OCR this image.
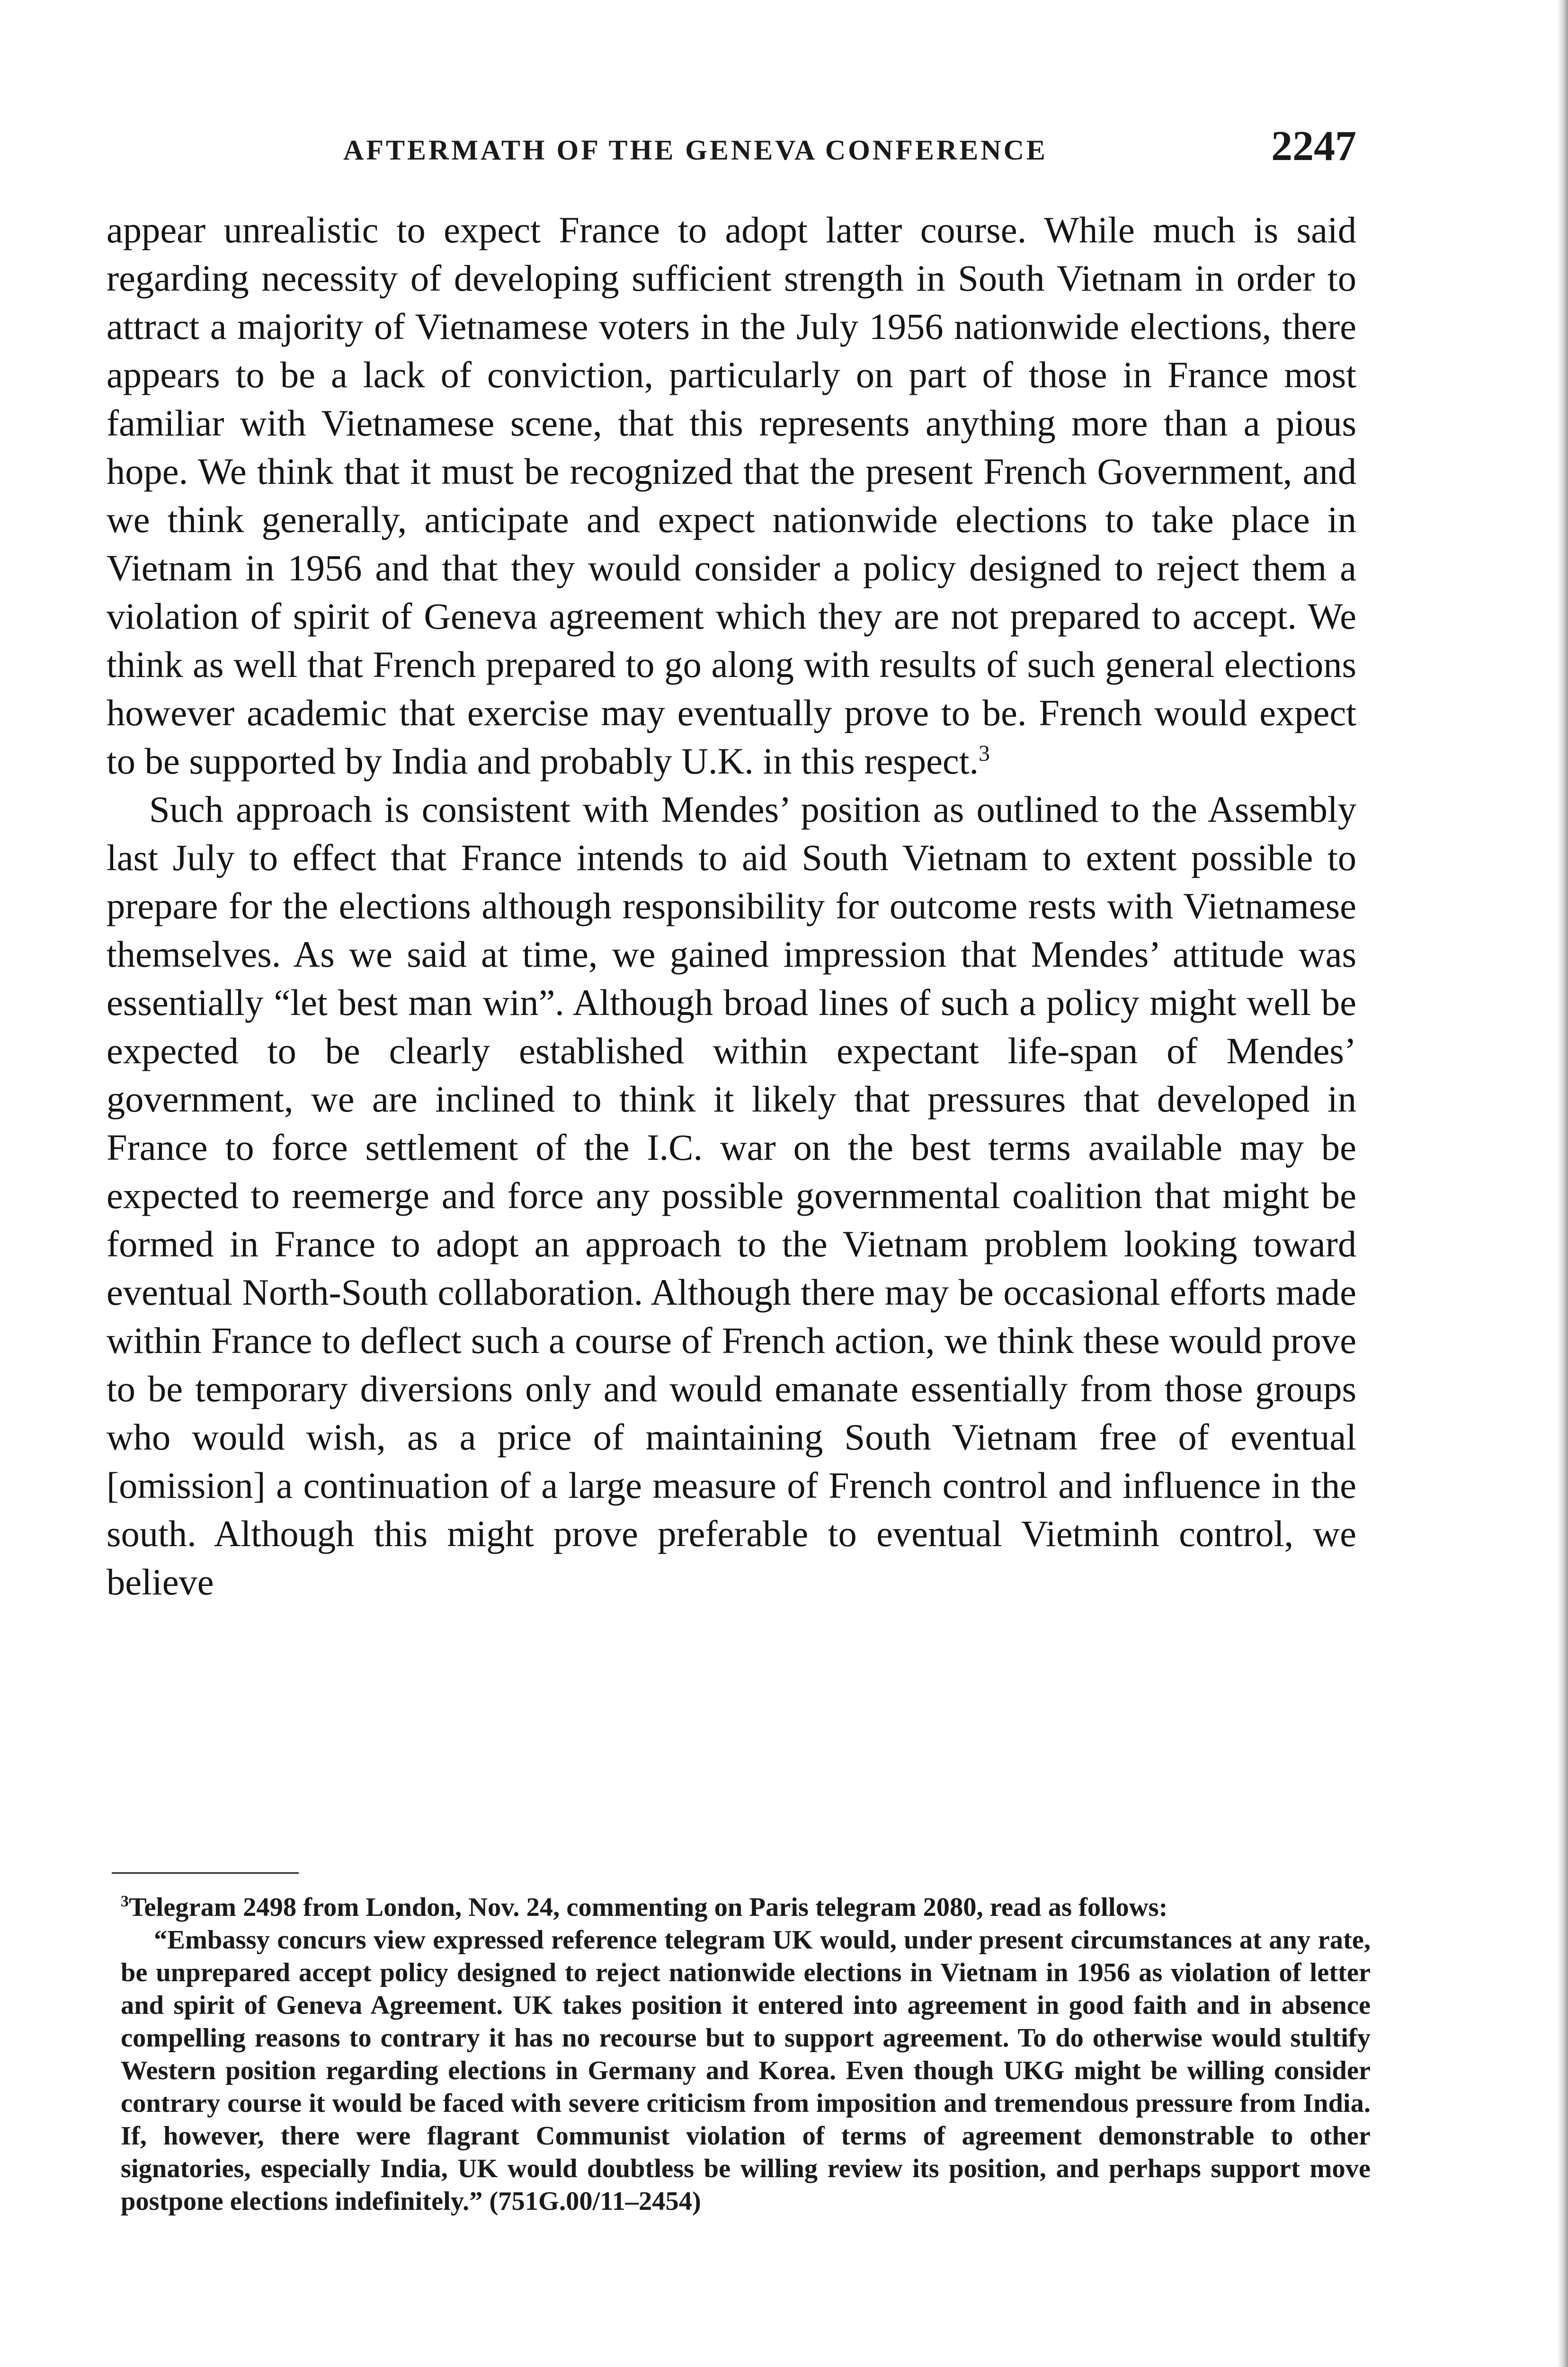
AFTERMATH OF THE GENEVA CONFERENCE	2247

appear unrealistic to expect France to adopt latter course. While much is said regarding necessity of developing sufficient strength in South Vietnam in order to attract a majority of Vietnamese voters in the July 1956 nationwide elections, there appears to be a lack of conviction, particularly on part of those in France most familiar with Vietnamese scene, that this represents anything more than a pious hope. We think that it must be recognized that the present French Government, and we think generally, anticipate and expect nationwide elections to take place in Vietnam in 1956 and that they would consider a policy designed to reject them a violation of spirit of Geneva agreement which they are not prepared to accept. We think as well that French prepared to go along with results of such general elections however academic that exercise may eventually prove to be. French would expect to be supported by India and probably U.K. in this respect.$^3$

Such approach is consistent with Mendes’ position as outlined to the Assembly last July to effect that France intends to aid South Vietnam to extent possible to prepare for the elections although responsibility for outcome rests with Vietnamese themselves. As we said at time, we gained impression that Mendes’ attitude was essentially “let best man win”. Although broad lines of such a policy might well be expected to be clearly established within expectant life-span of Mendes’ government, we are inclined to think it likely that pressures that developed in France to force settlement of the I.C. war on the best terms available may be expected to reemerge and force any possible governmental coalition that might be formed in France to adopt an approach to the Vietnam problem looking toward eventual North-South collaboration. Although there may be occasional efforts made within France to deflect such a course of French action, we think these would prove to be temporary diversions only and would emanate essentially from those groups who would wish, as a price of maintaining South Vietnam free of eventual [omission] a continuation of a large measure of French control and influence in the south. Although this might prove preferable to eventual Vietminh control, we believe

$^3$Telegram 2498 from London, Nov. 24, commenting on Paris telegram 2080, read as follows:

“Embassy concurs view expressed reference telegram UK would, under present circumstances at any rate, be unprepared accept policy designed to reject nationwide elections in Vietnam in 1956 as violation of letter and spirit of Geneva Agreement. UK takes position it entered into agreement in good faith and in absence compelling reasons to contrary it has no recourse but to support agreement. To do otherwise would stultify Western position regarding elections in Germany and Korea. Even though UKG might be willing consider contrary course it would be faced with severe criticism from imposition and tremendous pressure from India. If, however, there were flagrant Communist violation of terms of agreement demonstrable to other signatories, especially India, UK would doubtless be willing review its position, and perhaps support move postpone elections indefinitely.” (751G.00/11–2454)
